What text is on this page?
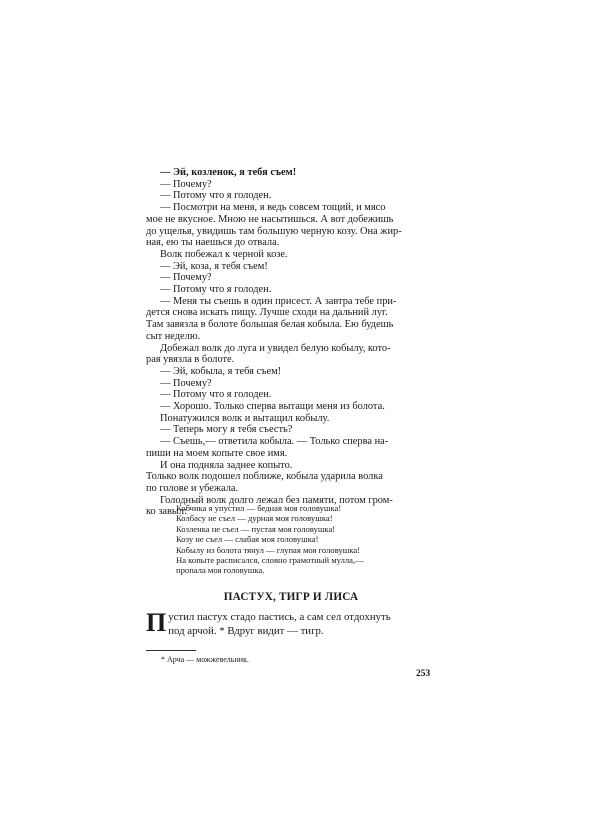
— Эй, козленок, я тебя съем!
— Почему?
— Потому что я голоден.
— Посмотри на меня, я ведь совсем тощий, и мясо
мое не вкусное. Мною не насытишься. А вот добежишь
до ущелья, увидишь там большую черную козу. Она жир-
ная, ею ты наешься до отвала.
Волк побежал к черной козе.
— Эй, коза, я тебя съем!
— Почему?
— Потому что я голоден.
— Меня ты съешь в один присест. А завтра тебе при-
дется снова искать пищу. Лучше сходи на дальний луг.
Там завязла в болоте большая белая кобыла. Ею будешь
сыт неделю.
Добежал волк до луга и увидел белую кобылу, кото-
рая увязла в болоте.
— Эй, кобыла, я тебя съем!
— Почему?
— Потому что я голоден.
— Хорошо. Только сперва вытащи меня из болота.
Понатужился волк и вытащил кобылу.
— Теперь могу я тебя съесть?
— Съешь,— ответила кобыла. — Только сперва на-
пиши на моем копыте свое имя.
И она подняла заднее копыто.
Только волк подошел поближе, кобыла ударила волка
по голове и убежала.
Голодный волк долго лежал без памяти, потом гром-
ко завыл:
Кобчика я упустил — бедная моя головушка!
Колбасу не съел — дурная моя головушка!
Козленка не съел — пустая моя головушка!
Козу не съел — слабая моя головушка!
Кобылу из болота тянул — глупая моя головушка!
На копыте расписался, словно грамотный мулла,—
пропала моя головушка.
ПАСТУХ, ТИГР И ЛИСА
П устил пастух стадо пастись, а сам сел отдохнуть
под арчой. * Вдруг видит — тигр.
* Арча — можжевельник.
253
